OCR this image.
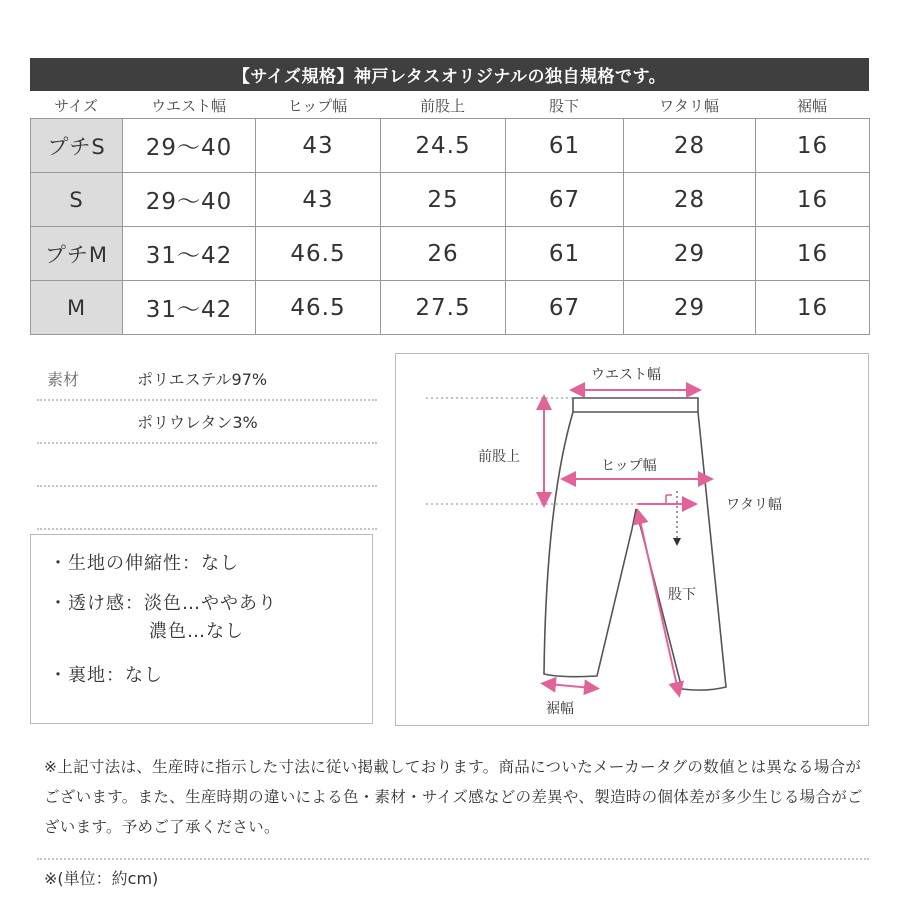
【サイズ規格】神戸レタスオリジナルの独自規格です。
サイズ	ウエスト幅	ヒップ幅	前股上	股下	ワタリ幅	裾幅
プチS	29〜40	43	24.5	61	28	16
S	29〜40	43	25	67	28	16
プチM	31〜42	46.5	26	61	29	16
M	31〜42	46.5	27.5	67	29	16
素材	ポリエステル97%
ポリウレタン3%
・生地の伸縮性：なし
・透け感：淡色…ややあり
濃色…なし
・裏地：なし
ウエスト幅
前股上
ヒップ幅
ワタリ幅
股下
裾幅
※上記寸法は、生産時に指示した寸法に従い掲載しております。商品についたメーカータグの数値とは異なる場合がございます。また、生産時期の違いによる色・素材・サイズ感などの差異や、製造時の個体差が多少生じる場合がございます。予めご了承ください。
※(単位：約cm)
